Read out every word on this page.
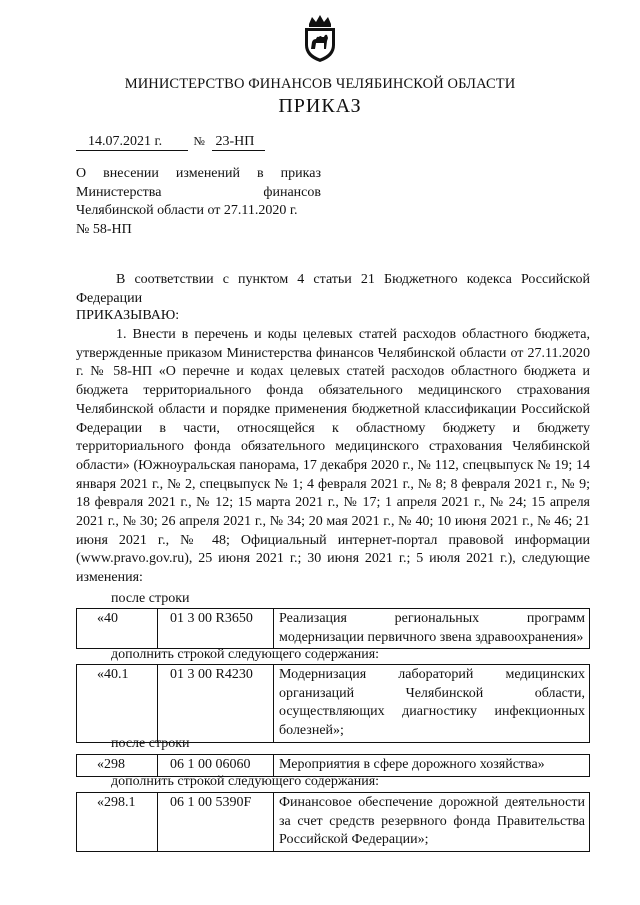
МИНИСТЕРСТВО ФИНАНСОВ ЧЕЛЯБИНСКОЙ ОБЛАСТИ
ПРИКАЗ
14.07.2021 г.	№ 23-НП
О внесении изменений в приказ
Министерства финансов
Челябинской области от 27.11.2020 г.
№ 58-НП
В соответствии с пунктом 4 статьи 21 Бюджетного кодекса Российской Федерации
ПРИКАЗЫВАЮ:
1. Внести в перечень и коды целевых статей расходов областного бюджета, утвержденные приказом Министерства финансов Челябинской области от 27.11.2020 г. № 58-НП «О перечне и кодах целевых статей расходов областного бюджета и бюджета территориального фонда обязательного медицинского страхования Челябинской области и порядке применения бюджетной классификации Российской Федерации в части, относящейся к областному бюджету и бюджету территориального фонда обязательного медицинского страхования Челябинской области» (Южноуральская панорама, 17 декабря 2020 г., № 112, спецвыпуск № 19; 14 января 2021 г., № 2, спецвыпуск № 1; 4 февраля 2021 г., № 8; 8 февраля 2021 г., № 9; 18 февраля 2021 г., № 12; 15 марта 2021 г., № 17; 1 апреля 2021 г., № 24; 15 апреля 2021 г., № 30; 26 апреля 2021 г., № 34; 20 мая 2021 г., № 40; 10 июня 2021 г., № 46; 21 июня 2021 г., № 48; Официальный интернет-портал правовой информации (www.pravo.gov.ru), 25 июня 2021 г.; 30 июня 2021 г.; 5 июля 2021 г.), следующие изменения:
после строки
«40	01 3 00 R3650	Реализация региональных программ модернизации первичного звена здравоохранения»
дополнить строкой следующего содержания:
«40.1	01 3 00 R4230	Модернизация лабораторий медицинских организаций Челябинской области, осуществляющих диагностику инфекционных болезней»;
после строки
«298	06 1 00 06060	Мероприятия в сфере дорожного хозяйства»
дополнить строкой следующего содержания:
«298.1	06 1 00 5390F	Финансовое обеспечение дорожной деятельности за счет средств резервного фонда Правительства Российской Федерации»;
